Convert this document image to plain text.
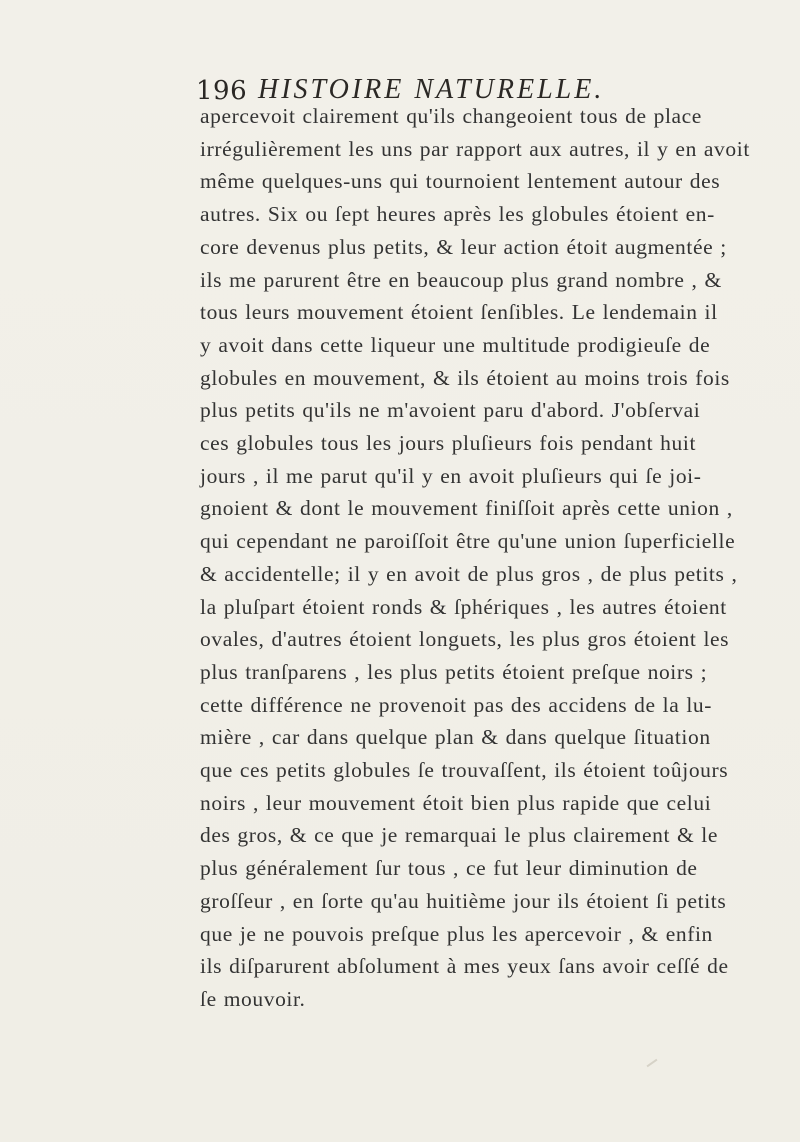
196 HISTOIRE NATURELLE.
apercevoit clairement qu'ils changeoient tous de place
irrégulièrement les uns par rapport aux autres, il y en avoit
même quelques-uns qui tournoient lentement autour des
autres. Six ou ſept heures après les globules étoient en-
core devenus plus petits, & leur action étoit augmentée ;
ils me parurent être en beaucoup plus grand nombre , &
tous leurs mouvement étoient ſenſibles. Le lendemain il
y avoit dans cette liqueur une multitude prodigieuſe de
globules en mouvement, & ils étoient au moins trois fois
plus petits qu'ils ne m'avoient paru d'abord. J'obſervai
ces globules tous les jours pluſieurs fois pendant huit
jours , il me parut qu'il y en avoit pluſieurs qui ſe joi-
gnoient & dont le mouvement finiſſoit après cette union ,
qui cependant ne paroiſſoit être qu'une union ſuperficielle
& accidentelle; il y en avoit de plus gros , de plus petits ,
la pluſpart étoient ronds & ſphériques , les autres étoient
ovales, d'autres étoient longuets, les plus gros étoient les
plus tranſparens , les plus petits étoient preſque noirs ;
cette différence ne provenoit pas des accidens de la lu-
mière , car dans quelque plan & dans quelque ſituation
que ces petits globules ſe trouvaſſent, ils étoient toûjours
noirs , leur mouvement étoit bien plus rapide que celui
des gros, & ce que je remarquai le plus clairement & le
plus généralement ſur tous , ce fut leur diminution de
groſſeur , en ſorte qu'au huitième jour ils étoient ſi petits
que je ne pouvois preſque plus les apercevoir , & enfin
ils diſparurent abſolument à mes yeux ſans avoir ceſſé de
ſe mouvoir.
